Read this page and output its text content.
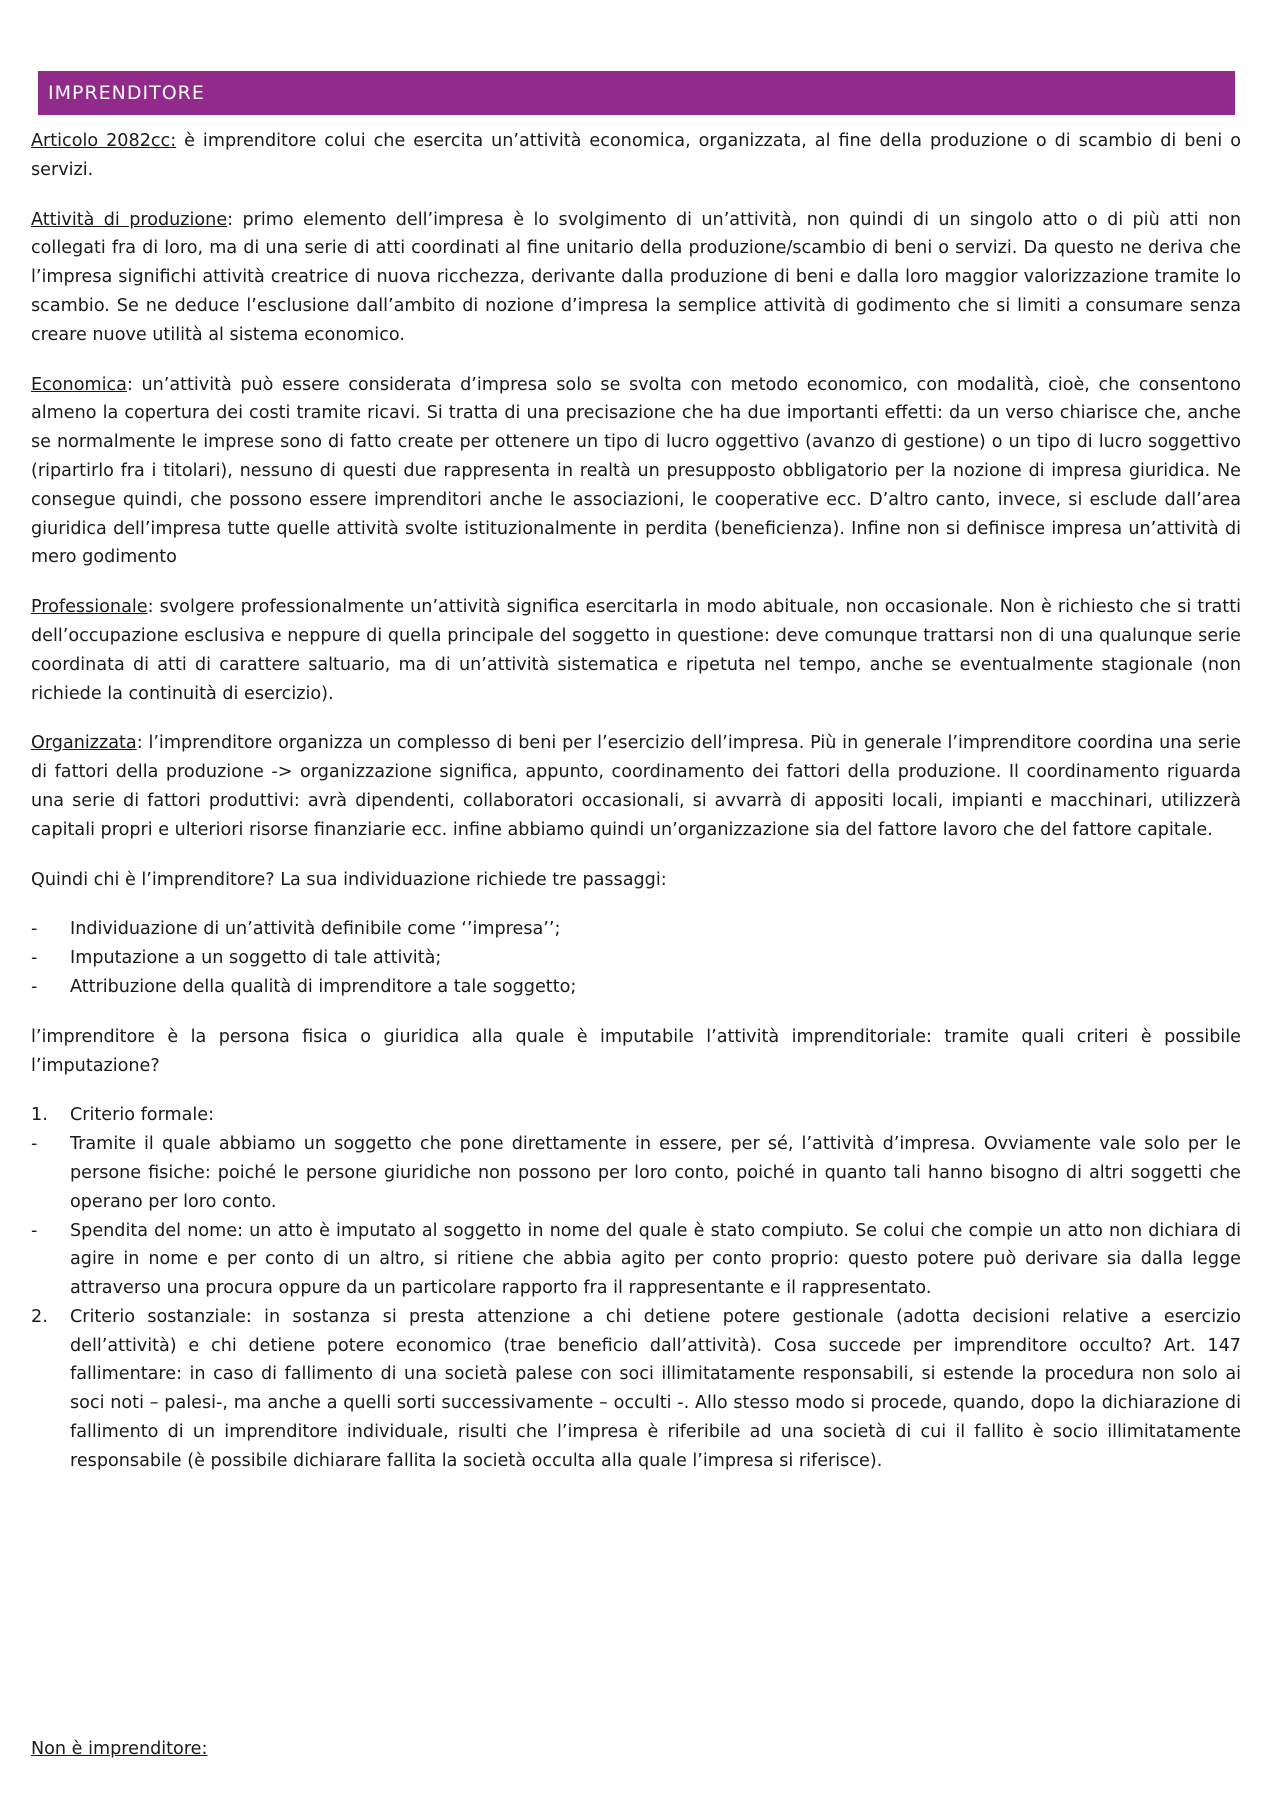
IMPRENDITORE

Articolo 2082cc: è imprenditore colui che esercita un’attività economica, organizzata, al fine della produzione o di scambio di beni o servizi.

Attività di produzione: primo elemento dell’impresa è lo svolgimento di un’attività, non quindi di un singolo atto o di più atti non collegati fra di loro, ma di una serie di atti coordinati al fine unitario della produzione/scambio di beni o servizi. Da questo ne deriva che l’impresa significhi attività creatrice di nuova ricchezza, derivante dalla produzione di beni e dalla loro maggior valorizzazione tramite lo scambio. Se ne deduce l’esclusione dall’ambito di nozione d’impresa la semplice attività di godimento che si limiti a consumare senza creare nuove utilità al sistema economico.

Economica: un’attività può essere considerata d’impresa solo se svolta con metodo economico, con modalità, cioè, che consentono almeno la copertura dei costi tramite ricavi. Si tratta di una precisazione che ha due importanti effetti: da un verso chiarisce che, anche se normalmente le imprese sono di fatto create per ottenere un tipo di lucro oggettivo (avanzo di gestione) o un tipo di lucro soggettivo (ripartirlo fra i titolari), nessuno di questi due rappresenta in realtà un presupposto obbligatorio per la nozione di impresa giuridica. Ne consegue quindi, che possono essere imprenditori anche le associazioni, le cooperative ecc. D’altro canto, invece, si esclude dall’area giuridica dell’impresa tutte quelle attività svolte istituzionalmente in perdita (beneficienza). Infine non si definisce impresa un’attività di mero godimento

Professionale: svolgere professionalmente un’attività significa esercitarla in modo abituale, non occasionale. Non è richiesto che si tratti dell’occupazione esclusiva e neppure di quella principale del soggetto in questione: deve comunque trattarsi non di una qualunque serie coordinata di atti di carattere saltuario, ma di un’attività sistematica e ripetuta nel tempo, anche se eventualmente stagionale (non richiede la continuità di esercizio).

Organizzata: l’imprenditore organizza un complesso di beni per l’esercizio dell’impresa. Più in generale l’imprenditore coordina una serie di fattori della produzione -> organizzazione significa, appunto, coordinamento dei fattori della produzione. Il coordinamento riguarda una serie di fattori produttivi: avrà dipendenti, collaboratori occasionali, si avvarrà di appositi locali, impianti e macchinari, utilizzerà capitali propri e ulteriori risorse finanziarie ecc. infine abbiamo quindi un’organizzazione sia del fattore lavoro che del fattore capitale.

Quindi chi è l’imprenditore? La sua individuazione richiede tre passaggi:

- Individuazione di un’attività definibile come ‘’impresa’’;
- Imputazione a un soggetto di tale attività;
- Attribuzione della qualità di imprenditore a tale soggetto;

l’imprenditore è la persona fisica o giuridica alla quale è imputabile l’attività imprenditoriale: tramite quali criteri è possibile l’imputazione?

1. Criterio formale:
- Tramite il quale abbiamo un soggetto che pone direttamente in essere, per sé, l’attività d’impresa. Ovviamente vale solo per le persone fisiche: poiché le persone giuridiche non possono per loro conto, poiché in quanto tali hanno bisogno di altri soggetti che operano per loro conto.
- Spendita del nome: un atto è imputato al soggetto in nome del quale è stato compiuto. Se colui che compie un atto non dichiara di agire in nome e per conto di un altro, si ritiene che abbia agito per conto proprio: questo potere può derivare sia dalla legge attraverso una procura oppure da un particolare rapporto fra il rappresentante e il rappresentato.
2. Criterio sostanziale: in sostanza si presta attenzione a chi detiene potere gestionale (adotta decisioni relative a esercizio dell’attività) e chi detiene potere economico (trae beneficio dall’attività). Cosa succede per imprenditore occulto? Art. 147 fallimentare: in caso di fallimento di una società palese con soci illimitatamente responsabili, si estende la procedura non solo ai soci noti – palesi-, ma anche a quelli sorti successivamente – occulti -. Allo stesso modo si procede, quando, dopo la dichiarazione di fallimento di un imprenditore individuale, risulti che l’impresa è riferibile ad una società di cui il fallito è socio illimitatamente responsabile (è possibile dichiarare fallita la società occulta alla quale l’impresa si riferisce).
Non è imprenditore:
